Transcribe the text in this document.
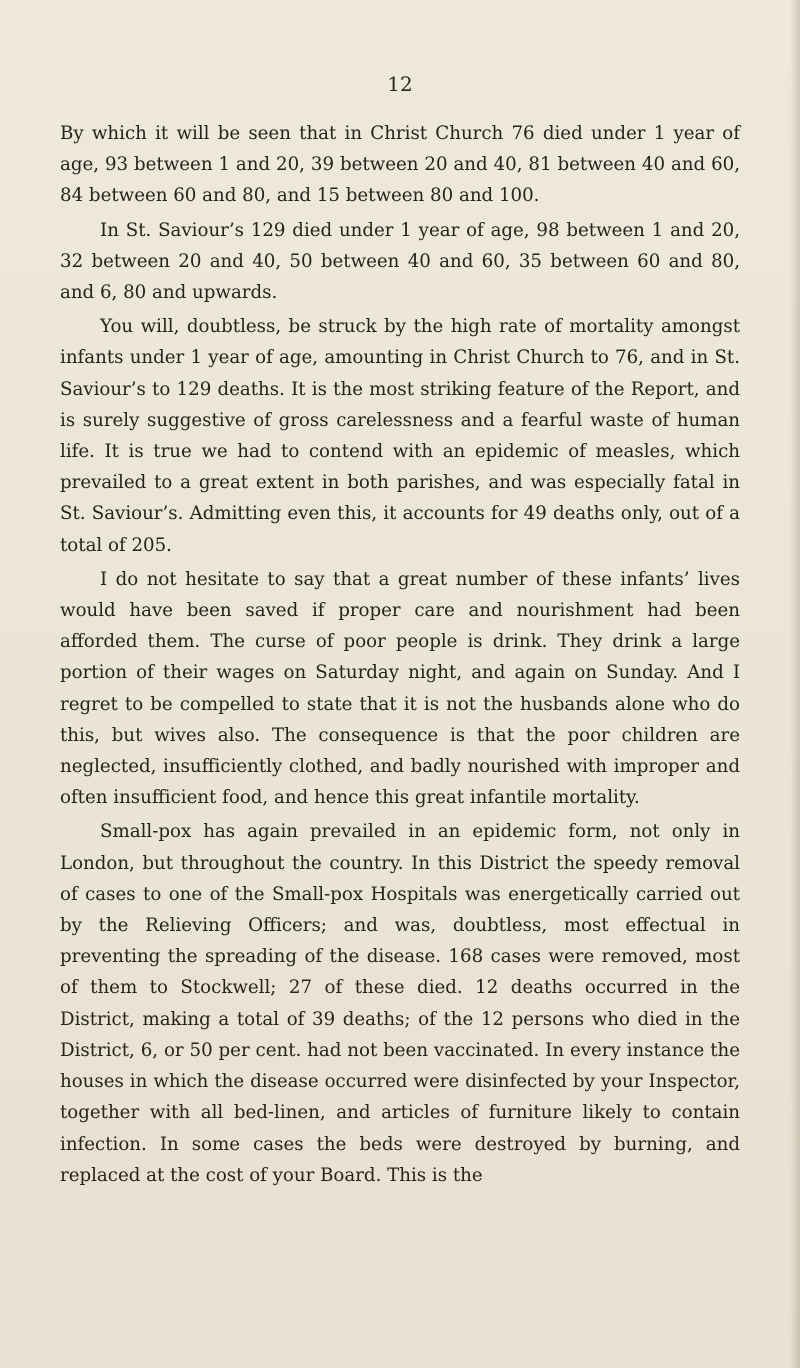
12

By which it will be seen that in Christ Church 76 died under 1 year of age, 93 between 1 and 20, 39 between 20 and 40, 81 between 40 and 60, 84 between 60 and 80, and 15 between 80 and 100.

In St. Saviour’s 129 died under 1 year of age, 98 between 1 and 20, 32 between 20 and 40, 50 between 40 and 60, 35 between 60 and 80, and 6, 80 and upwards.

You will, doubtless, be struck by the high rate of mortality amongst infants under 1 year of age, amounting in Christ Church to 76, and in St. Saviour’s to 129 deaths. It is the most striking feature of the Report, and is surely suggestive of gross carelessness and a fearful waste of human life. It is true we had to contend with an epidemic of measles, which prevailed to a great extent in both parishes, and was especially fatal in St. Saviour’s. Admitting even this, it accounts for 49 deaths only, out of a total of 205.

I do not hesitate to say that a great number of these infants’ lives would have been saved if proper care and nourishment had been afforded them. The curse of poor people is drink. They drink a large portion of their wages on Saturday night, and again on Sunday. And I regret to be compelled to state that it is not the husbands alone who do this, but wives also. The consequence is that the poor children are neglected, insufficiently clothed, and badly nourished with improper and often insufficient food, and hence this great infantile mortality.

Small-pox has again prevailed in an epidemic form, not only in London, but throughout the country. In this District the speedy removal of cases to one of the Small-pox Hospitals was energetically carried out by the Relieving Officers; and was, doubtless, most effectual in preventing the spreading of the disease. 168 cases were removed, most of them to Stockwell; 27 of these died. 12 deaths occurred in the District, making a total of 39 deaths; of the 12 persons who died in the District, 6, or 50 per cent. had not been vaccinated. In every instance the houses in which the disease occurred were disinfected by your Inspector, together with all bed-linen, and articles of furniture likely to contain infection. In some cases the beds were destroyed by burning, and replaced at the cost of your Board. This is the
